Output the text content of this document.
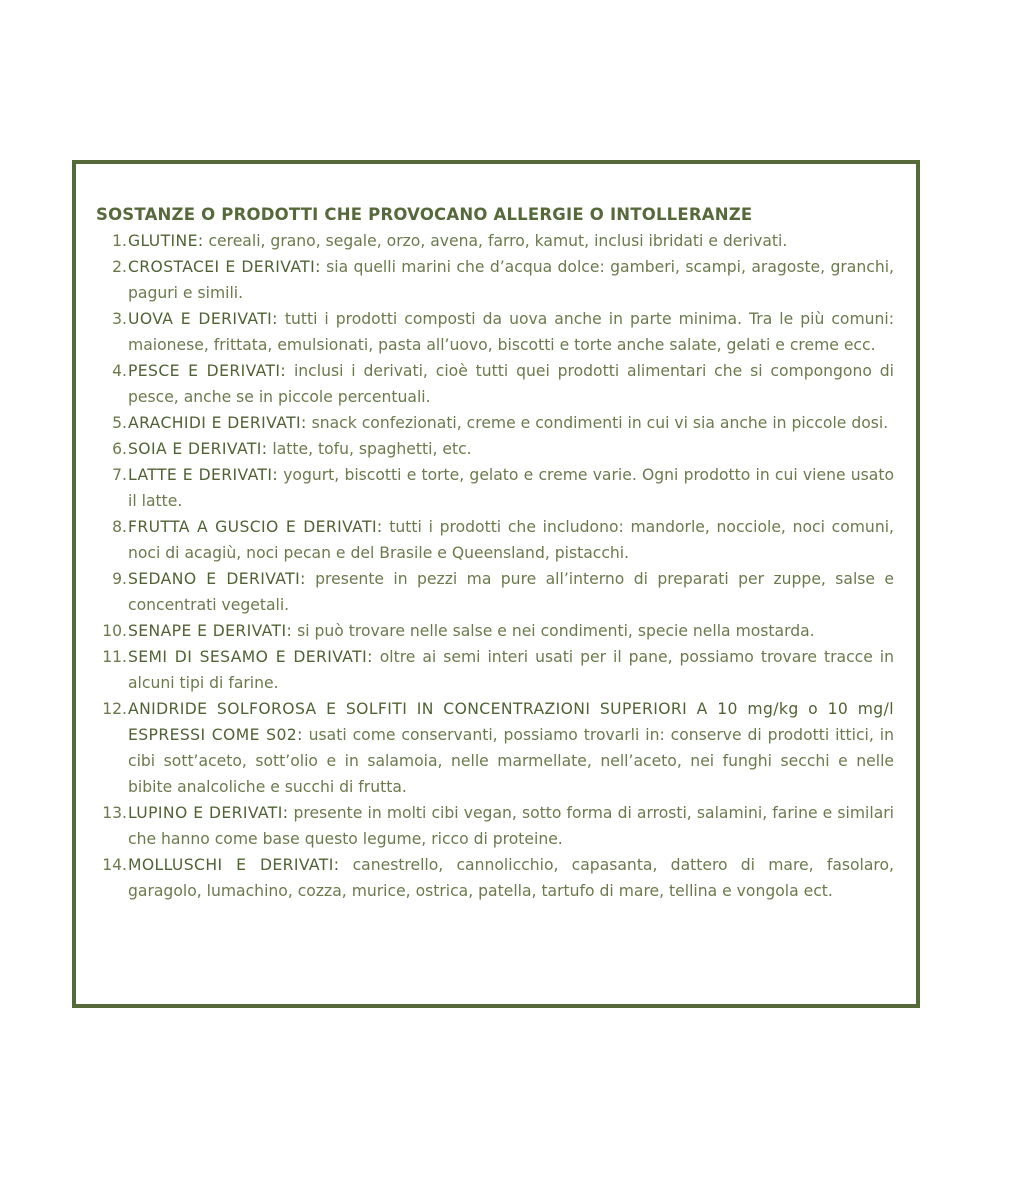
SOSTANZE O PRODOTTI CHE PROVOCANO ALLERGIE O INTOLLERANZE
1. GLUTINE: cereali, grano, segale, orzo, avena, farro, kamut, inclusi ibridati e derivati.
2. CROSTACEI E DERIVATI: sia quelli marini che d’acqua dolce: gamberi, scampi, aragoste, granchi, paguri e simili.
3. UOVA E DERIVATI: tutti i prodotti composti da uova anche in parte minima. Tra le più comuni: maionese, frittata, emulsionati, pasta all’uovo, biscotti e torte anche salate, gelati e creme ecc.
4. PESCE E DERIVATI: inclusi i derivati, cioè tutti quei prodotti alimentari che si compongono di pesce, anche se in piccole percentuali.
5. ARACHIDI E DERIVATI: snack confezionati, creme e condimenti in cui vi sia anche in piccole dosi.
6. SOIA E DERIVATI: latte, tofu, spaghetti, etc.
7. LATTE E DERIVATI: yogurt, biscotti e torte, gelato e creme varie. Ogni prodotto in cui viene usato il latte.
8. FRUTTA A GUSCIO E DERIVATI: tutti i prodotti che includono: mandorle, nocciole, noci comuni, noci di acagiù, noci pecan e del Brasile e Queensland, pistacchi.
9. SEDANO E DERIVATI: presente in pezzi ma pure all’interno di preparati per zuppe, salse e concentrati vegetali.
10. SENAPE E DERIVATI: si può trovare nelle salse e nei condimenti, specie nella mostarda.
11. SEMI DI SESAMO E DERIVATI: oltre ai semi interi usati per il pane, possiamo trovare tracce in alcuni tipi di farine.
12. ANIDRIDE SOLFOROSA E SOLFITI IN CONCENTRAZIONI SUPERIORI A 10 mg/kg o 10 mg/l ESPRESSI COME S02: usati come conservanti, possiamo trovarli in: conserve di prodotti ittici, in cibi sott’aceto, sott’olio e in salamoia, nelle marmellate, nell’aceto, nei funghi secchi e nelle bibite analcoliche e succhi di frutta.
13. LUPINO E DERIVATI: presente in molti cibi vegan, sotto forma di arrosti, salamini, farine e similari che hanno come base questo legume, ricco di proteine.
14. MOLLUSCHI E DERIVATI: canestrello, cannolicchio, capasanta, dattero di mare, fasolaro, garagolo, lumachino, cozza, murice, ostrica, patella, tartufo di mare, tellina e vongola ect.
